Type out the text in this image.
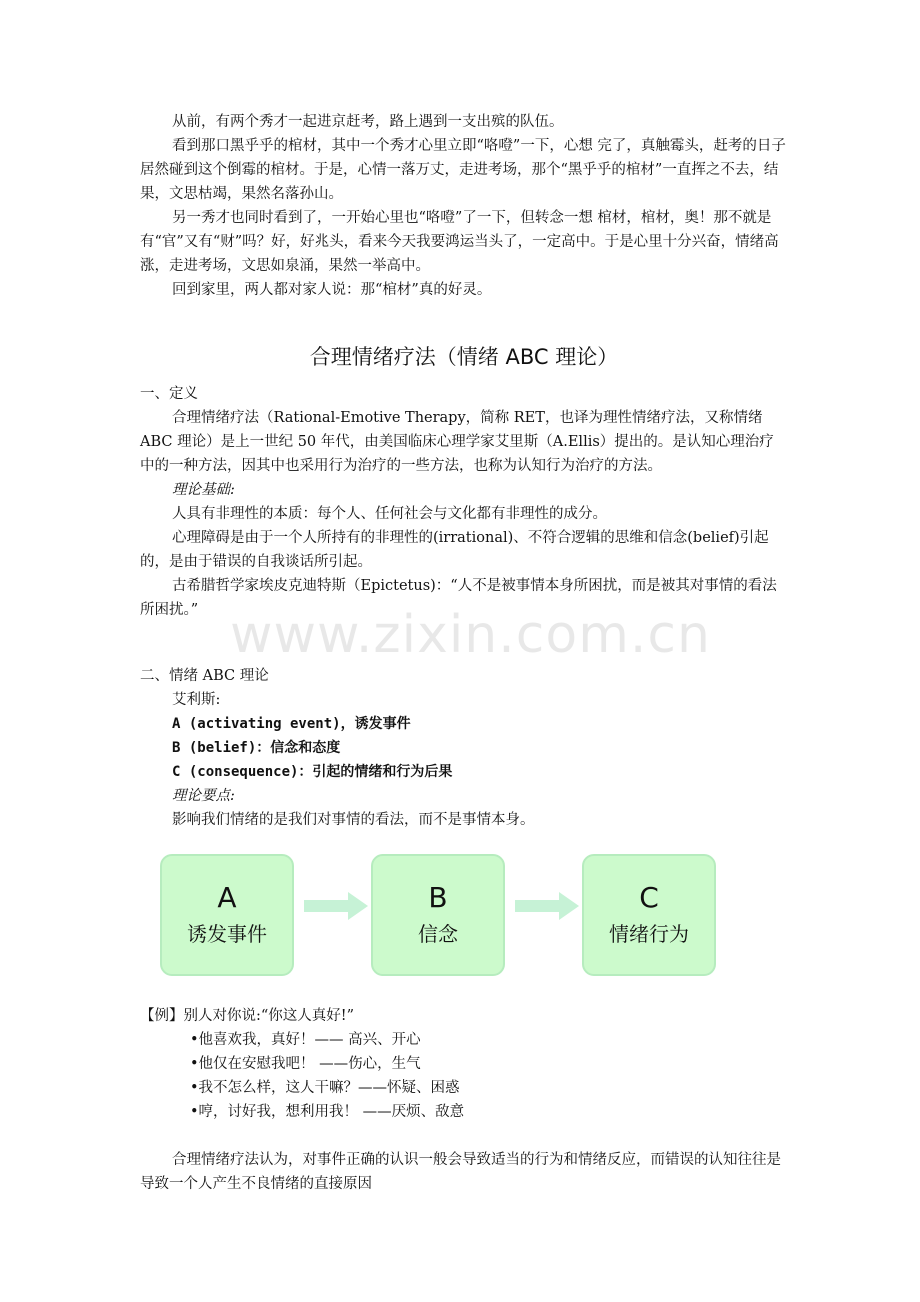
www.zixin.com.cn

从前，有两个秀才一起进京赶考，路上遇到一支出殡的队伍。

看到那口黑乎乎的棺材，其中一个秀才心里立即“咯噔”一下，心想 完了，真触霉头，赶考的日子居然碰到这个倒霉的棺材。于是，心情一落万丈，走进考场，那个“黑乎乎的棺材”一直挥之不去，结果，文思枯竭，果然名落孙山。

另一秀才也同时看到了，一开始心里也“咯噔”了一下，但转念一想 棺材，棺材，奥！那不就是有“官”又有“财”吗？好，好兆头，看来今天我要鸿运当头了，一定高中。于是心里十分兴奋，情绪高涨，走进考场，文思如泉涌，果然一举高中。

回到家里，两人都对家人说：那“棺材”真的好灵。

合理情绪疗法（情绪 ABC 理论）

一、定义

合理情绪疗法（Rational-Emotive Therapy，简称 RET，也译为理性情绪疗法，又称情绪 ABC 理论）是上一世纪 50 年代，由美国临床心理学家艾里斯（A.Ellis）提出的。是认知心理治疗中的一种方法，因其中也采用行为治疗的一些方法，也称为认知行为治疗的方法。

理论基础:

人具有非理性的本质：每个人、任何社会与文化都有非理性的成分。

心理障碍是由于一个人所持有的非理性的(irrational)、不符合逻辑的思维和信念(belief)引起的，是由于错误的自我谈话所引起。

古希腊哲学家埃皮克迪特斯（Epictetus)：“人不是被事情本身所困扰，而是被其对事情的看法所困扰。”

二、情绪 ABC 理论

艾利斯:

A (activating event)，诱发事件

B (belief)：信念和态度

C (consequence)：引起的情绪和行为后果

理论要点:

影响我们情绪的是我们对事情的看法，而不是事情本身。

A
诱发事件
B
信念
C
情绪行为

【例】别人对你说:“你这人真好!”

•他喜欢我，真好！—— 高兴、开心

•他仅在安慰我吧！ ——伤心，生气

•我不怎么样，这人干嘛？——怀疑、困惑

•哼，讨好我，想利用我！ ——厌烦、敌意

合理情绪疗法认为，对事件正确的认识一般会导致适当的行为和情绪反应，而错误的认知往往是导致一个人产生不良情绪的直接原因
